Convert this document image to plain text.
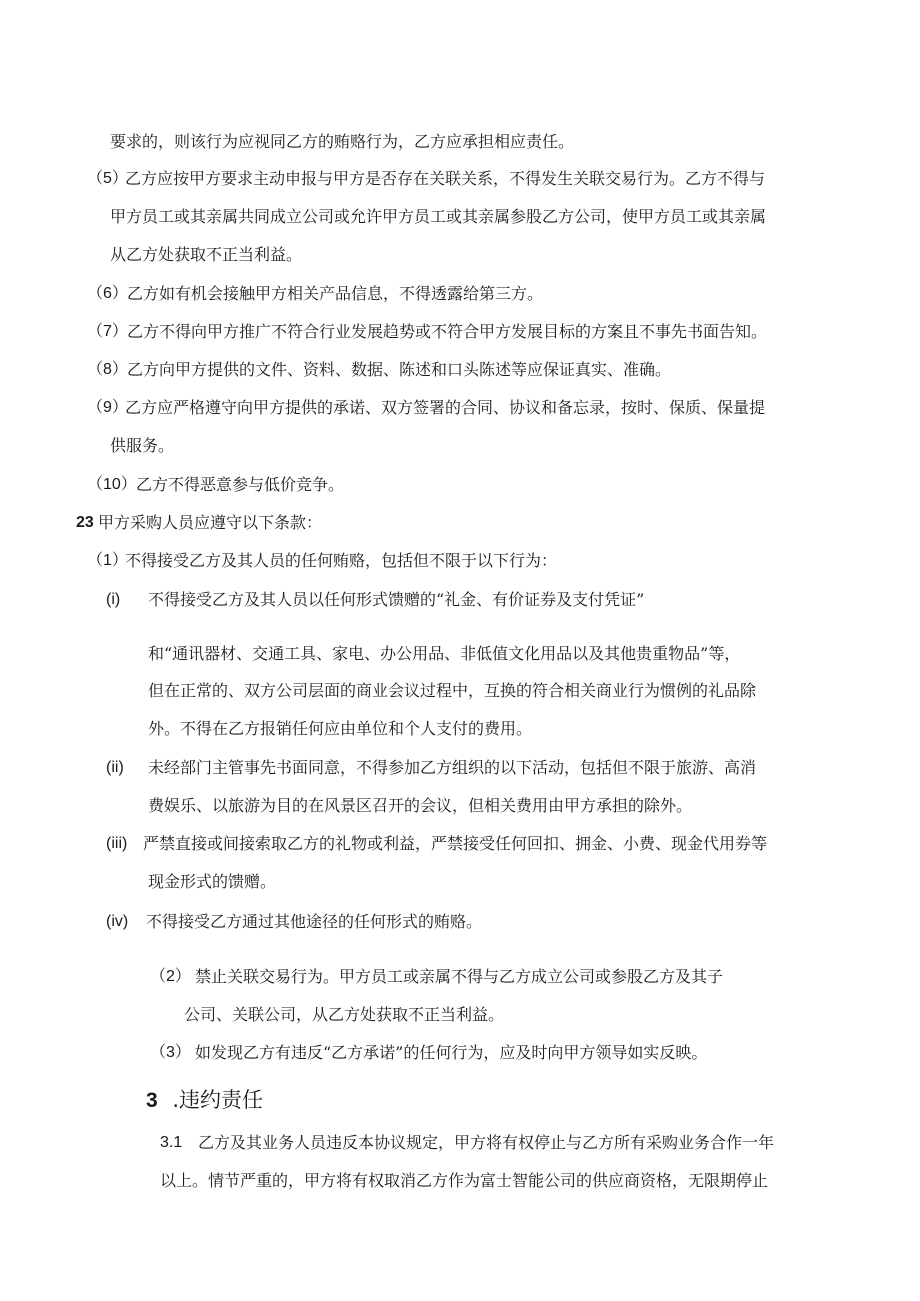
要求的，则该行为应视同乙方的贿赂行为，乙方应承担相应责任。
（5）
乙方应按甲方要求主动申报与甲方是否存在关联关系，不得发生关联交易行为。乙方不得与
甲方员工或其亲属共同成立公司或允许甲方员工或其亲属参股乙方公司，使甲方员工或其亲属
从乙方处获取不正当利益。
（6） 乙方如有机会接触甲方相关产品信息，不得透露给第三方。
（7） 乙方不得向甲方推广不符合行业发展趋势或不符合甲方发展目标的方案且不事先书面告知。
（8） 乙方向甲方提供的文件、资料、数据、陈述和口头陈述等应保证真实、准确。
（9）
乙方应严格遵守向甲方提供的承诺、双方签署的合同、协议和备忘录，按时、保质、保量提
供服务。
（10） 乙方不得恶意参与低价竞争。
23 甲方采购人员应遵守以下条款：
（1）
不得接受乙方及其人员的任何贿赂，包括但不限于以下行为：
(i) 不得接受乙方及其人员以任何形式馈赠的“礼金、有价证券及支付凭证”
和“通讯器材、交通工具、家电、办公用品、非低值文化用品以及其他贵重物品”等，
但在正常的、双方公司层面的商业会议过程中，互换的符合相关商业行为惯例的礼品除
外。不得在乙方报销任何应由单位和个人支付的费用。
(ii) 未经部门主管事先书面同意，不得参加乙方组织的以下活动，包括但不限于旅游、高消
费娱乐、以旅游为目的在风景区召开的会议，但相关费用由甲方承担的除外。
(iii) 严禁直接或间接索取乙方的礼物或利益，严禁接受任何回扣、拥金、小费、现金代用券等
现金形式的馈赠。
(iv) 不得接受乙方通过其他途径的任何形式的贿赂。
（2） 禁止关联交易行为。甲方员工或亲属不得与乙方成立公司或参股乙方及其子
公司、关联公司，从乙方处获取不正当利益。
（3） 如发现乙方有违反“乙方承诺”的任何行为，应及时向甲方领导如实反映。
3 .违约责任
3.1 乙方及其业务人员违反本协议规定，甲方将有权停止与乙方所有采购业务合作一年
以上。情节严重的，甲方将有权取消乙方作为富士智能公司的供应商资格，无限期停止
